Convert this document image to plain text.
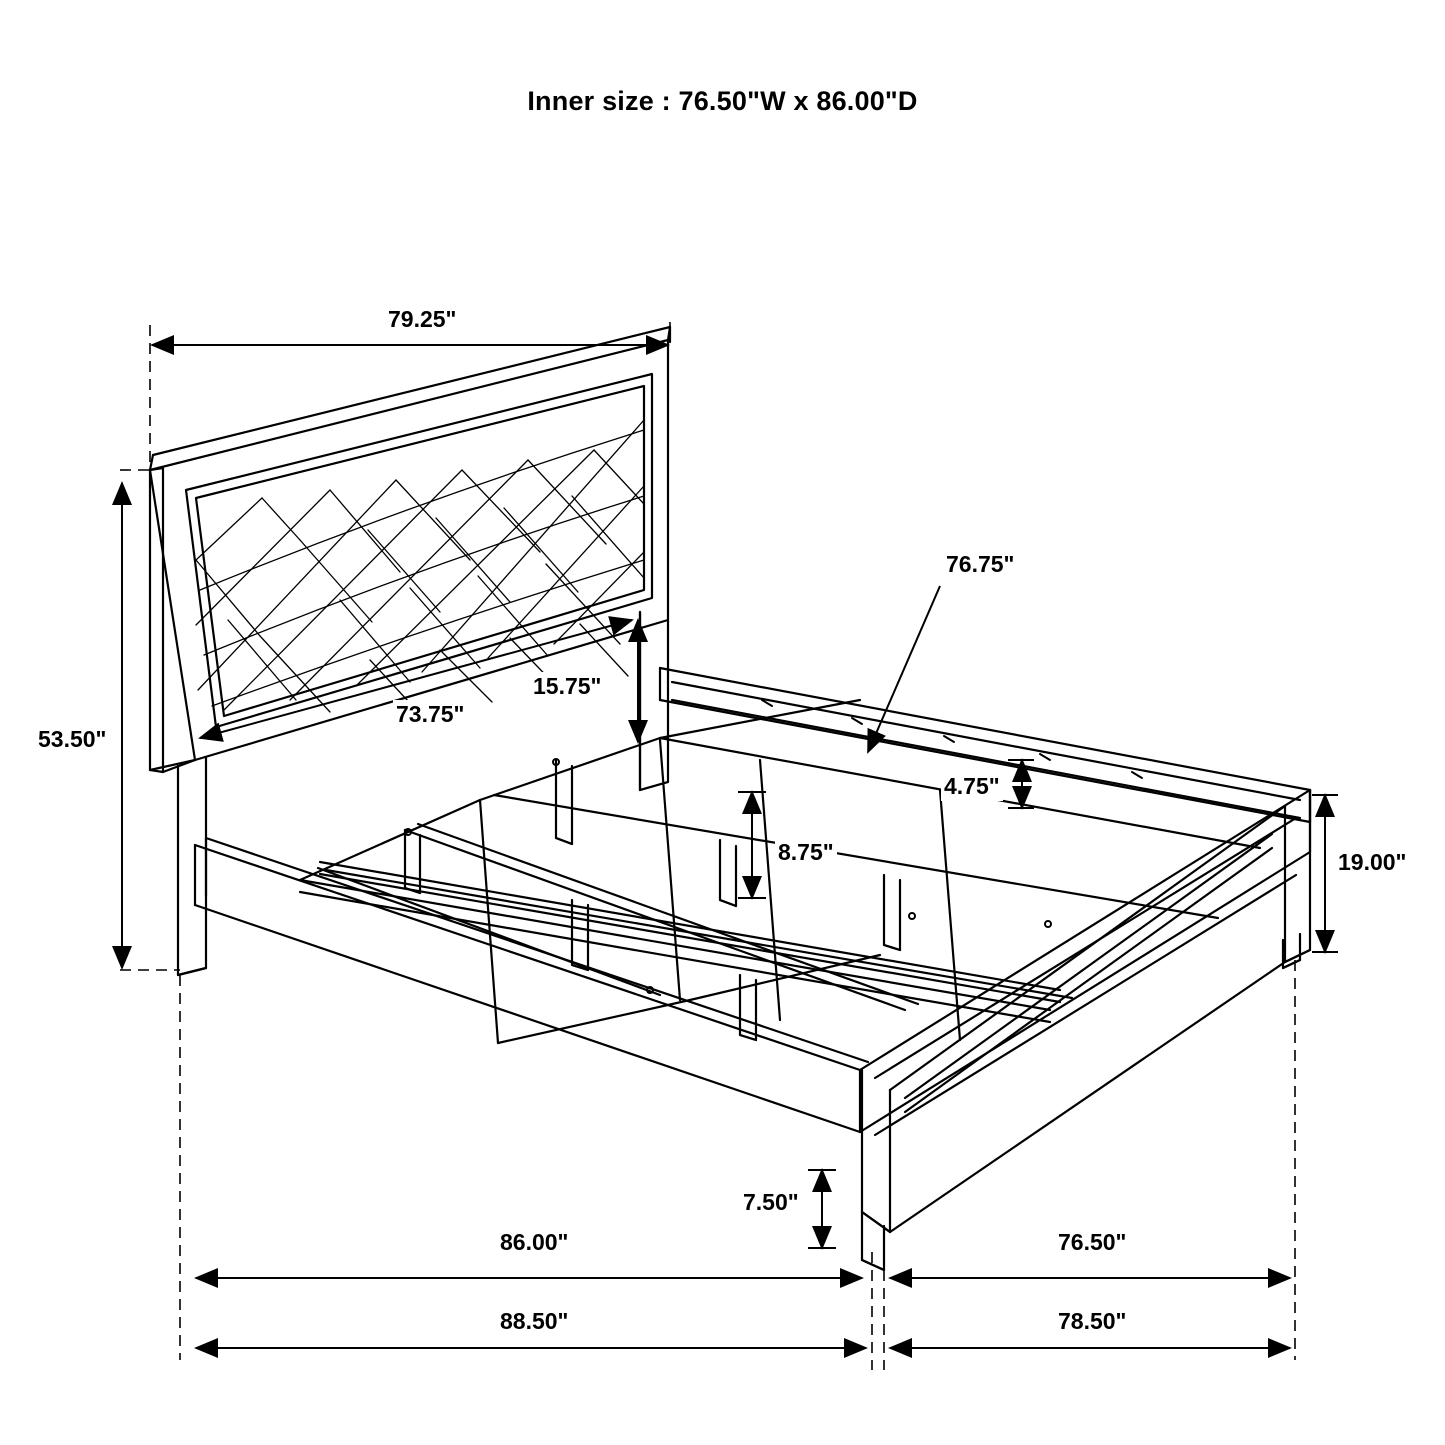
Inner size : 76.50"W x 86.00"D
79.25"
53.50"
73.75"
15.75"
76.75"
4.75"
8.75"	19.00"
7.50"
86.00"	76.50"
88.50"	78.50"
